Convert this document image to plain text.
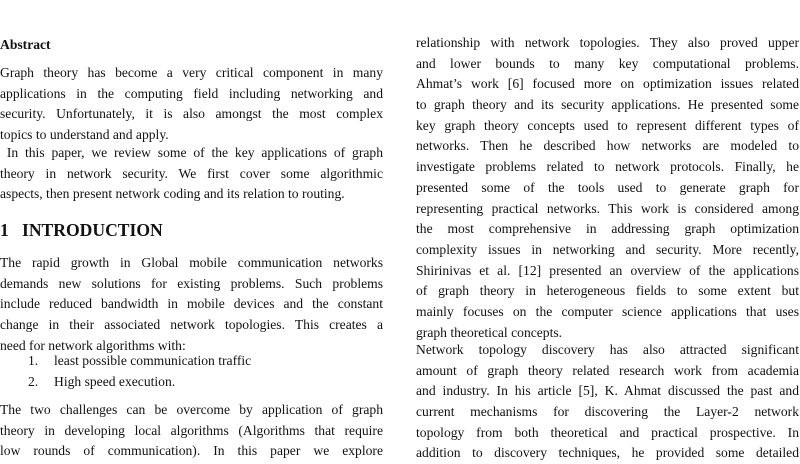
Abstract
Graph theory has become a very critical component in many
applications in the computing field including networking and
security. Unfortunately, it is also amongst the most complex
topics to understand and apply.
In this paper, we review some of the key applications of graph
theory in network security. We first cover some algorithmic
aspects, then present network coding and its relation to routing.
1 INTRODUCTION
The rapid growth in Global mobile communication networks
demands new solutions for existing problems. Such problems
include reduced bandwidth in mobile devices and the constant
change in their associated network topologies. This creates a
need for network algorithms with:
1.	least possible communication traffic
2.	High speed execution.
The two challenges can be overcome by application of graph
theory in developing local algorithms (Algorithms that require
low rounds of communication). In this paper we explore
relationship with network topologies. They also proved upper
and lower bounds to many key computational problems.
Ahmat’s work [6] focused more on optimization issues related
to graph theory and its security applications. He presented some
key graph theory concepts used to represent different types of
networks. Then he described how networks are modeled to
investigate problems related to network protocols. Finally, he
presented some of the tools used to generate graph for
representing practical networks. This work is considered among
the most comprehensive in addressing graph optimization
complexity issues in networking and security. More recently,
Shirinivas et al. [12] presented an overview of the applications
of graph theory in heterogeneous fields to some extent but
mainly focuses on the computer science applications that uses
graph theoretical concepts.
Network topology discovery has also attracted significant
amount of graph theory related research work from academia
and industry. In his article [5], K. Ahmat discussed the past and
current mechanisms for discovering the Layer-2 network
topology from both theoretical and practical prospective. In
addition to discovery techniques, he provided some detailed
